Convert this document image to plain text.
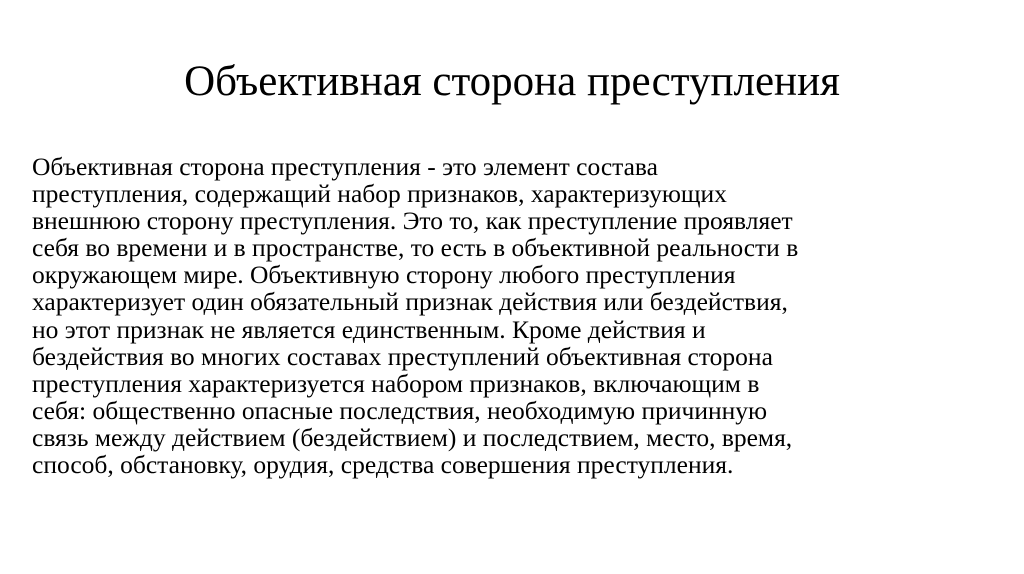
Объективная сторона преступления
Объективная сторона преступления - это элемент состава
преступления, содержащий набор признаков, характеризующих
внешнюю сторону преступления. Это то, как преступление проявляет
себя во времени и в пространстве, то есть в объективной реальности в
окружающем мире. Объективную сторону любого преступления
характеризует один обязательный признак действия или бездействия,
но этот признак не является единственным. Кроме действия и
бездействия во многих составах преступлений объективная сторона
преступления характеризуется набором признаков, включающим в
себя: общественно опасные последствия, необходимую причинную
связь между действием (бездействием) и последствием, место, время,
способ, обстановку, орудия, средства совершения преступления.
